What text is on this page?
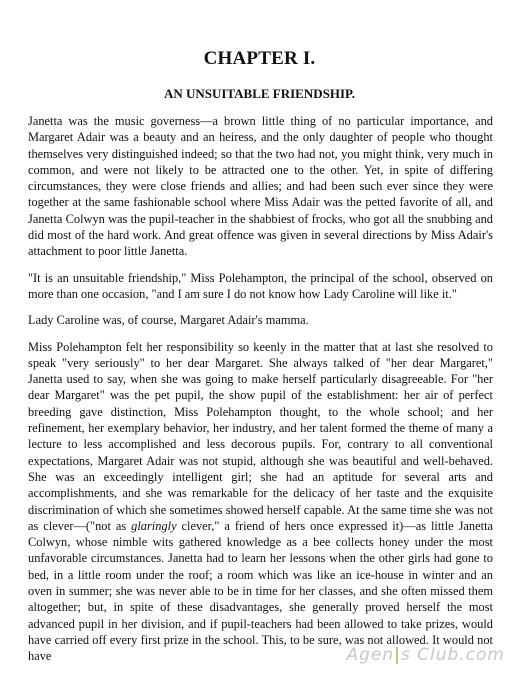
CHAPTER I.
AN UNSUITABLE FRIENDSHIP.

Janetta was the music governess—a brown little thing of no particular importance, and Margaret Adair was a beauty and an heiress, and the only daughter of people who thought themselves very distinguished indeed; so that the two had not, you might think, very much in common, and were not likely to be attracted one to the other. Yet, in spite of differing circumstances, they were close friends and allies; and had been such ever since they were together at the same fashionable school where Miss Adair was the petted favorite of all, and Janetta Colwyn was the pupil-teacher in the shabbiest of frocks, who got all the snubbing and did most of the hard work. And great offence was given in several directions by Miss Adair's attachment to poor little Janetta.

"It is an unsuitable friendship," Miss Polehampton, the principal of the school, observed on more than one occasion, "and I am sure I do not know how Lady Caroline will like it."

Lady Caroline was, of course, Margaret Adair's mamma.

Miss Polehampton felt her responsibility so keenly in the matter that at last she resolved to speak "very seriously" to her dear Margaret. She always talked of "her dear Margaret," Janetta used to say, when she was going to make herself particularly disagreeable. For "her dear Margaret" was the pet pupil, the show pupil of the establishment: her air of perfect breeding gave distinction, Miss Polehampton thought, to the whole school; and her refinement, her exemplary behavior, her industry, and her talent formed the theme of many a lecture to less accomplished and less decorous pupils. For, contrary to all conventional expectations, Margaret Adair was not stupid, although she was beautiful and well-behaved. She was an exceedingly intelligent girl; she had an aptitude for several arts and accomplishments, and she was remarkable for the delicacy of her taste and the exquisite discrimination of which she sometimes showed herself capable. At the same time she was not as clever—("not as glaringly clever," a friend of hers once expressed it)—as little Janetta Colwyn, whose nimble wits gathered knowledge as a bee collects honey under the most unfavorable circumstances. Janetta had to learn her lessons when the other girls had gone to bed, in a little room under the roof; a room which was like an ice-house in winter and an oven in summer; she was never able to be in time for her classes, and she often missed them altogether; but, in spite of these disadvantages, she generally proved herself the most advanced pupil in her division, and if pupil-teachers had been allowed to take prizes, would have carried off every first prize in the school. This, to be sure, was not allowed. It would not have	Agen|s Club.com
